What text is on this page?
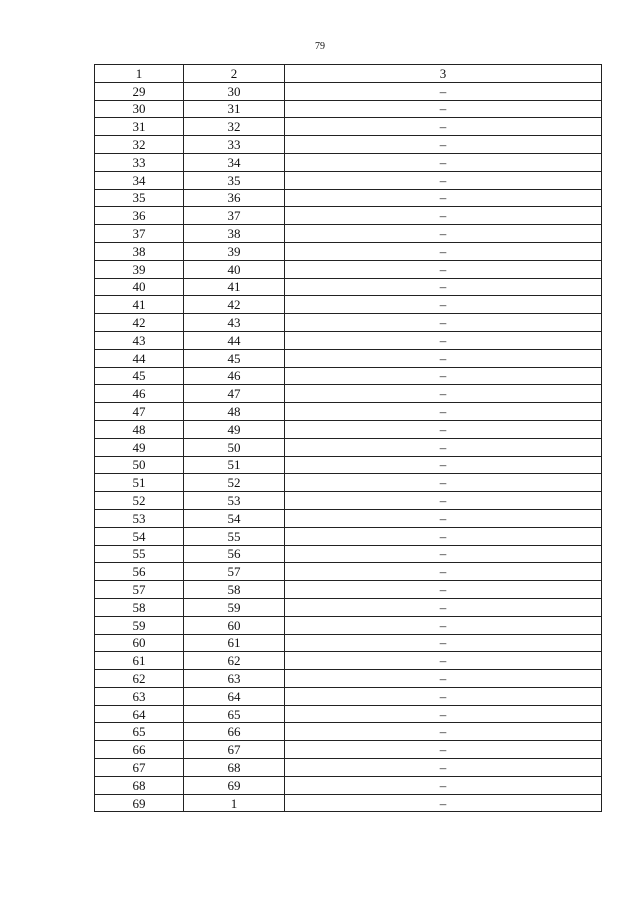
79
1	2	3
29	30	–
30	31	–
31	32	–
32	33	–
33	34	–
34	35	–
35	36	–
36	37	–
37	38	–
38	39	–
39	40	–
40	41	–
41	42	–
42	43	–
43	44	–
44	45	–
45	46	–
46	47	–
47	48	–
48	49	–
49	50	–
50	51	–
51	52	–
52	53	–
53	54	–
54	55	–
55	56	–
56	57	–
57	58	–
58	59	–
59	60	–
60	61	–
61	62	–
62	63	–
63	64	–
64	65	–
65	66	–
66	67	–
67	68	–
68	69	–
69	1	–
